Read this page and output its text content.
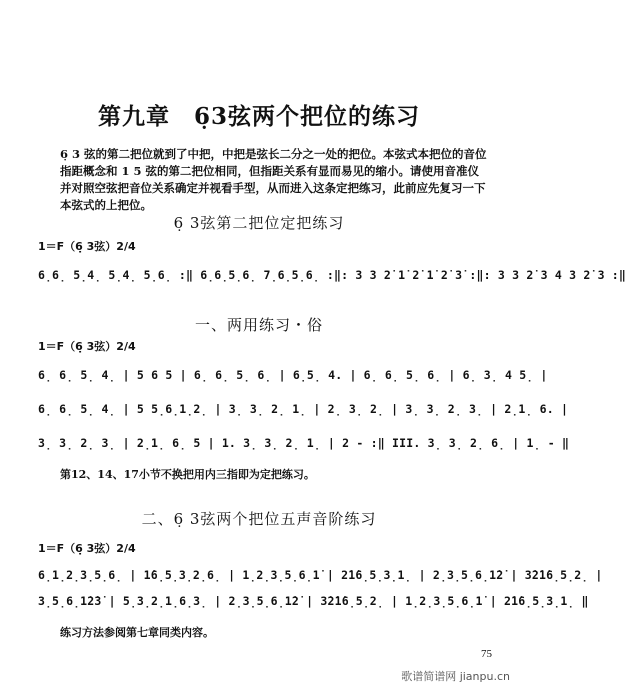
第九章　6̣3弦两个把位的练习
6̣ 3 弦的第二把位就到了中把，中把是弦长二分之一处的把位。本弦式本把位的音位指距概念和 1 5 弦的第二把位相同，但指距关系有显而易见的缩小。请使用音准仪并对照空弦把音位关系确定并视看手型，从而进入这条定把练习，此前应先复习一下本弦式的上把位。
6̣ 3弦第二把位定把练习
1＝F（6̣ 3弦）2/4
6̣6̣ 5̣4̣ 5̣4̣ 5̣6̣ :‖ 6̣6̣5̣6̣ 7̣6̣5̣6̣ :‖: 3 3 2̇ 1̇ 2̇ 1̇ 2̇ 3̇ :‖: 3 3 2̇ 3 4 3 2̇ 3 :‖
一、两用练习・俗
1＝F（6̣ 3弦）2/4
6̣ 6̣ 5̣ 4̣ | 5 6 5 | 6̣ 6̣ 5̣ 6̣ | 6̣5̣ 4. | 6̣ 6̣ 5̣ 6̣ | 6̣ 3̣ 4 5̣ |
6̣ 6̣ 5̣ 4̣ | 5 5̣6̣1̣2̣ | 3̣ 3̣ 2̣ 1̣ | 2̣ 3̣ 2̣ | 3̣ 3̣ 2̣ 3̣ | 2̣1̣ 6. |
3̣ 3̣ 2̣ 3̣ | 2̣1̣ 6̣ 5 | 1. 3̣ 3̣ 2̣ 1̣ | 2 - :‖ III. 3̣ 3̣ 2̣ 6̣ | 1̣ - ‖
第12、14、17小节不换把用内三指即为定把练习。
二、6̣ 3弦两个把位五声音阶练习
1＝F（6̣ 3弦）2/4
6̣1̣2̣3̣5̣6̣ | 1̇6̣5̣3̣2̣6̣ | 1̣2̣3̣5̣6̣1̇ | 2̇1̇6̣5̣3̣1̣ | 2̣3̣5̣6̣1̇2̇ | 3̇2̇1̇6̣5̣2̣ |
3̣5̣6̣1̇2̇3̇ | 5̣3̣2̣1̣6̣3̣ | 2̣3̣5̣6̣1̇2̇ | 3̇2̇1̇6̣5̣2̣ | 1̣2̣3̣5̣6̣1̇ | 2̇1̇6̣5̣3̣1̣ ‖
练习方法参阅第七章同类内容。
75
歌谱简谱网 jianpu.cn
